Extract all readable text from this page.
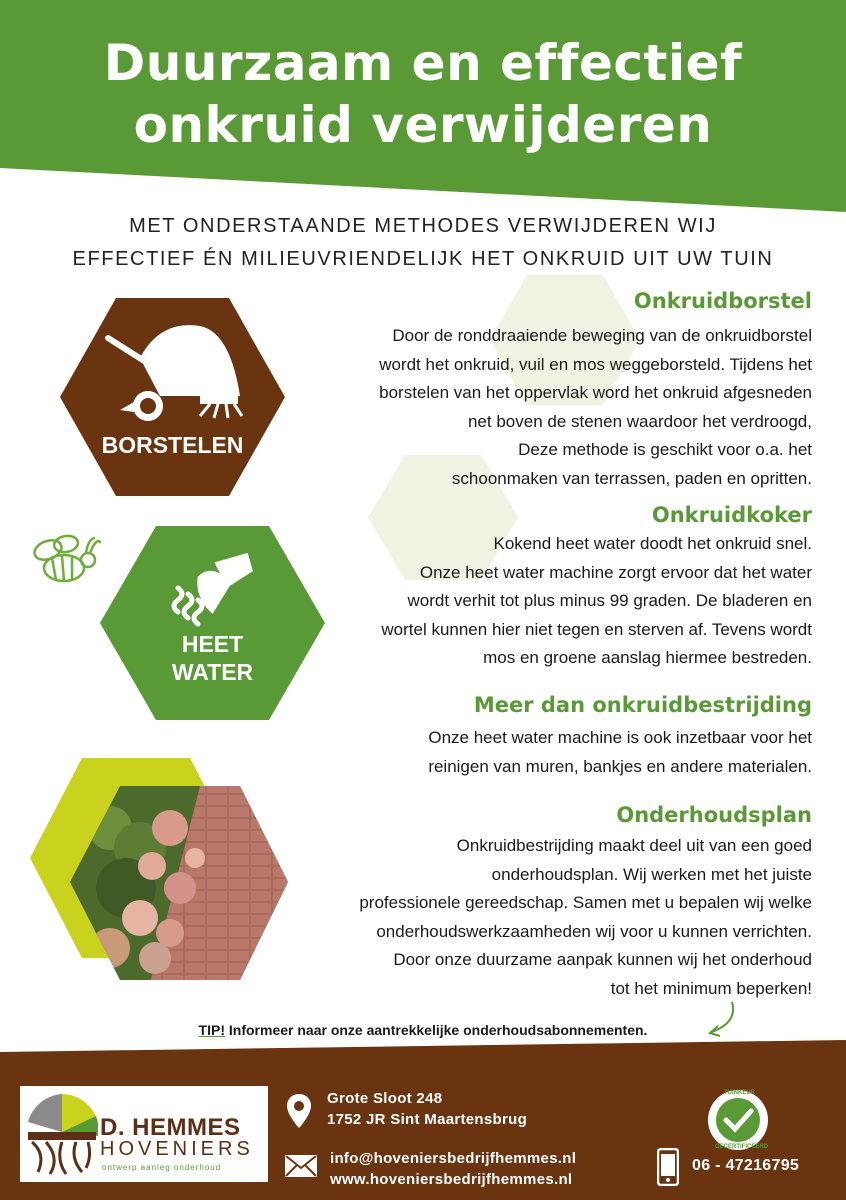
Duurzaam en effectief
onkruid verwijderen
MET ONDERSTAANDE METHODES VERWIJDEREN WIJ
EFFECTIEF ÉN MILIEUVRIENDELIJK HET ONKRUID UIT UW TUIN
BORSTELEN
HEET
WATER
Onkruidborstel

Door de ronddraaiende beweging van de onkruidborstel
wordt het onkruid, vuil en mos weggeborsteld. Tijdens het
borstelen van het oppervlak word het onkruid afgesneden
net boven de stenen waardoor het verdroogd,
Deze methode is geschikt voor o.a. het
schoonmaken van terrassen, paden en opritten.

Onkruidkoker

Kokend heet water doodt het onkruid snel.
Onze heet water machine zorgt ervoor dat het water
wordt verhit tot plus minus 99 graden. De bladeren en
wortel kunnen hier niet tegen en sterven af. Tevens wordt
mos en groene aanslag hiermee bestreden.

Meer dan onkruidbestrijding

Onze heet water machine is ook inzetbaar voor het
reinigen van muren, bankjes en andere materialen.

Onderhoudsplan

Onkruidbestrijding maakt deel uit van een goed
onderhoudsplan. Wij werken met het juiste
professionele gereedschap. Samen met u bepalen wij welke
onderhoudswerkzaamheden wij voor u kunnen verrichten.
Door onze duurzame aanpak kunnen wij het onderhoud
tot het minimum beperken!

TIP! Informeer naar onze aantrekkelijke onderhoudsabonnementen.
D. HEMMES
HOVENIERS
ontwerp aanleg onderhoud
Grote Sloot 248
1752 JR Sint Maartensbrug
info@hoveniersbedrijfhemmes.nl
www.hoveniersbedrijfhemmes.nl
06 - 47216795
TUINKEUR
GECERTIFICEERD
